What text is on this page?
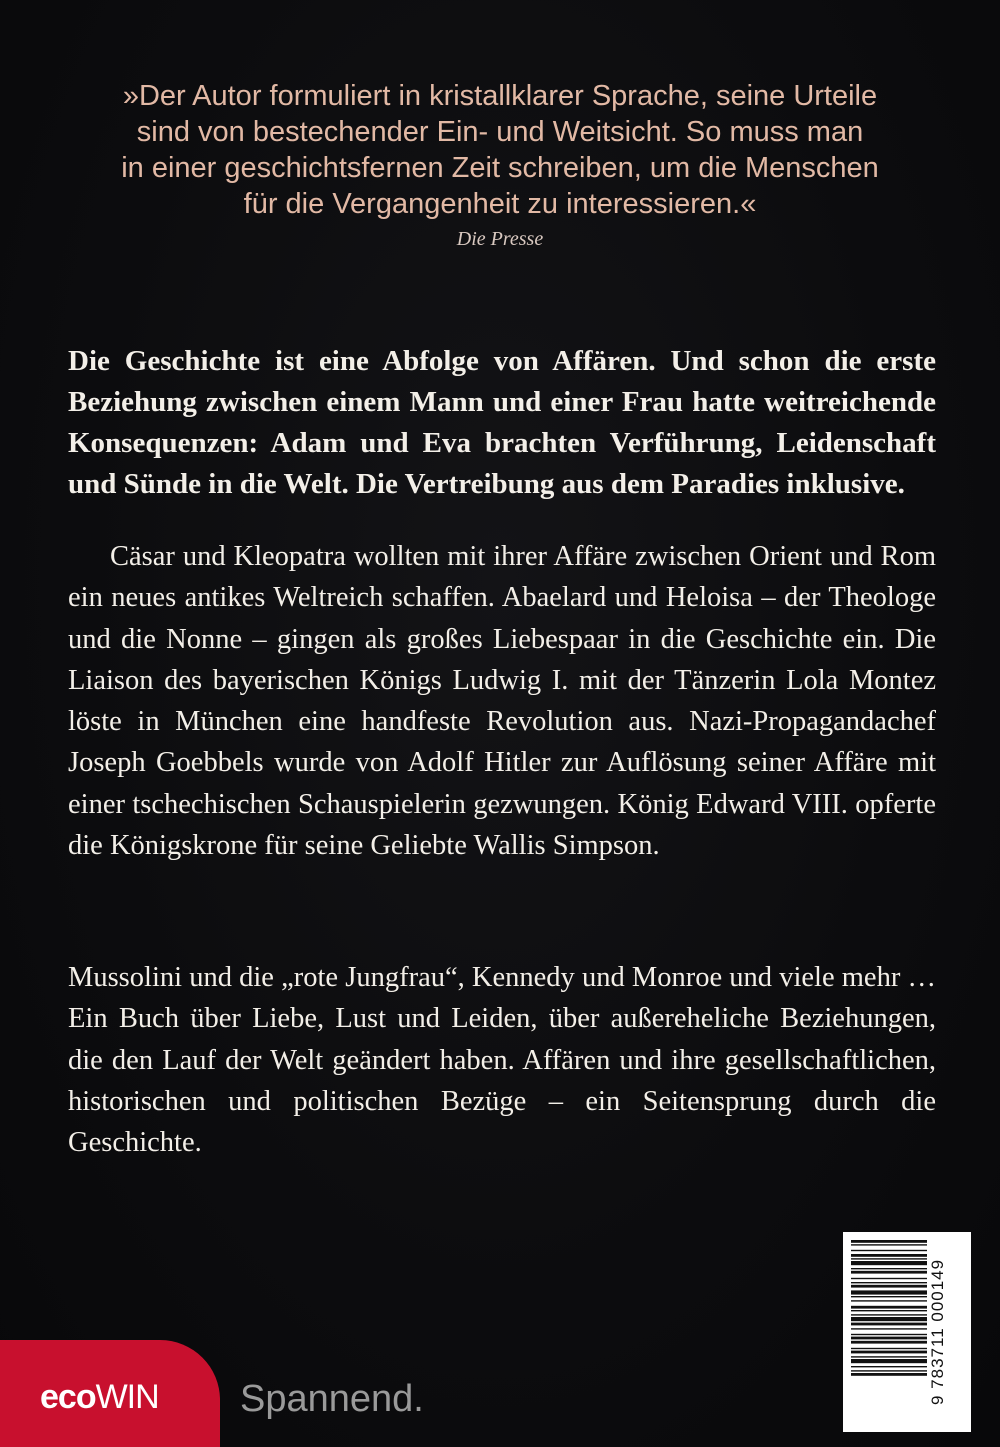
»Der Autor formuliert in kristallklarer Sprache, seine Urteile
sind von bestechender Ein- und Weitsicht. So muss man
in einer geschichtsfernen Zeit schreiben, um die Menschen
für die Vergangenheit zu interessieren.«
Die Presse

Die Geschichte ist eine Abfolge von Affären. Und schon die erste Beziehung zwischen einem Mann und einer Frau hatte weitreichende Konsequenzen: Adam und Eva brachten Verführung, Leidenschaft und Sünde in die Welt. Die Vertreibung aus dem Paradies inklusive.

Cäsar und Kleopatra wollten mit ihrer Affäre zwischen Orient und Rom ein neues antikes Weltreich schaffen. Abaelard und Heloisa – der Theologe und die Nonne – gingen als großes Liebespaar in die Geschichte ein. Die Liaison des bayerischen Königs Ludwig I. mit der Tänzerin Lola Montez löste in München eine handfeste Revolution aus. Nazi-Propagandachef Joseph Goebbels wurde von Adolf Hitler zur Auflösung seiner Affäre mit einer tschechischen Schauspielerin gezwungen. König Edward VIII. opferte die Königskrone für seine Geliebte Wallis Simpson.

Mussolini und die „rote Jungfrau“, Kennedy und Monroe und viele mehr … Ein Buch über Liebe, Lust und Leiden, über außereheliche Beziehungen, die den Lauf der Welt geändert haben. Affären und ihre gesellschaftlichen, historischen und politischen Bezüge – ein Seitensprung durch die Geschichte.

9 783711 000149
ecoWIN Spannend.
